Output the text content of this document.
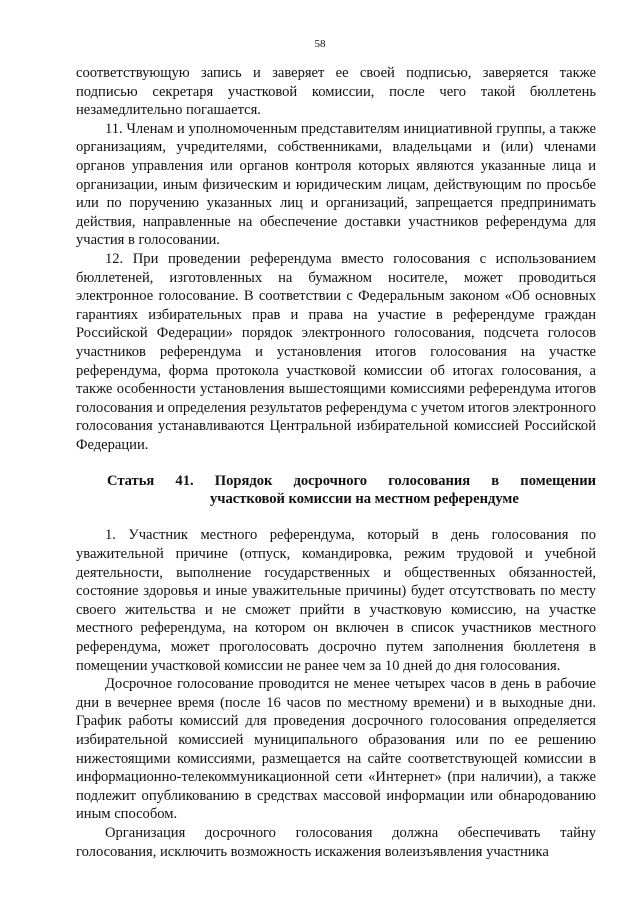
58

соответствующую запись и заверяет ее своей подписью, заверяется также подписью секретаря участковой комиссии, после чего такой бюллетень незамедлительно погашается.

11. Членам и уполномоченным представителям инициативной группы, а также организациям, учредителями, собственниками, владельцами и (или) членами органов управления или органов контроля которых являются указанные лица и организации, иным физическим и юридическим лицам, действующим по просьбе или по поручению указанных лиц и организаций, запрещается предпринимать действия, направленные на обеспечение доставки участников референдума для участия в голосовании.

12. При проведении референдума вместо голосования с использованием бюллетеней, изготовленных на бумажном носителе, может проводиться электронное голосование. В соответствии с Федеральным законом «Об основных гарантиях избирательных прав и права на участие в референдуме граждан Российской Федерации» порядок электронного голосования, подсчета голосов участников референдума и установления итогов голосования на участке референдума, форма протокола участковой комиссии об итогах голосования, а также особенности установления вышестоящими комиссиями референдума итогов голосования и определения результатов референдума с учетом итогов электронного голосования устанавливаются Центральной избирательной комиссией Российской Федерации.

Статья 41. Порядок досрочного голосования в помещении
участковой комиссии на местном референдуме

1. Участник местного референдума, который в день голосования по уважительной причине (отпуск, командировка, режим трудовой и учебной деятельности, выполнение государственных и общественных обязанностей, состояние здоровья и иные уважительные причины) будет отсутствовать по месту своего жительства и не сможет прийти в участковую комиссию, на участке местного референдума, на котором он включен в список участников местного референдума, может проголосовать досрочно путем заполнения бюллетеня в помещении участковой комиссии не ранее чем за 10 дней до дня голосования.

Досрочное голосование проводится не менее четырех часов в день в рабочие дни в вечернее время (после 16 часов по местному времени) и в выходные дни. График работы комиссий для проведения досрочного голосования определяется избирательной комиссией муниципального образования или по ее решению нижестоящими комиссиями, размещается на сайте соответствующей комиссии в информационно-телекоммуникационной сети «Интернет» (при наличии), а также подлежит опубликованию в средствах массовой информации или обнародованию иным способом.

Организация досрочного голосования должна обеспечивать тайну голосования, исключить возможность искажения волеизъявления участника
